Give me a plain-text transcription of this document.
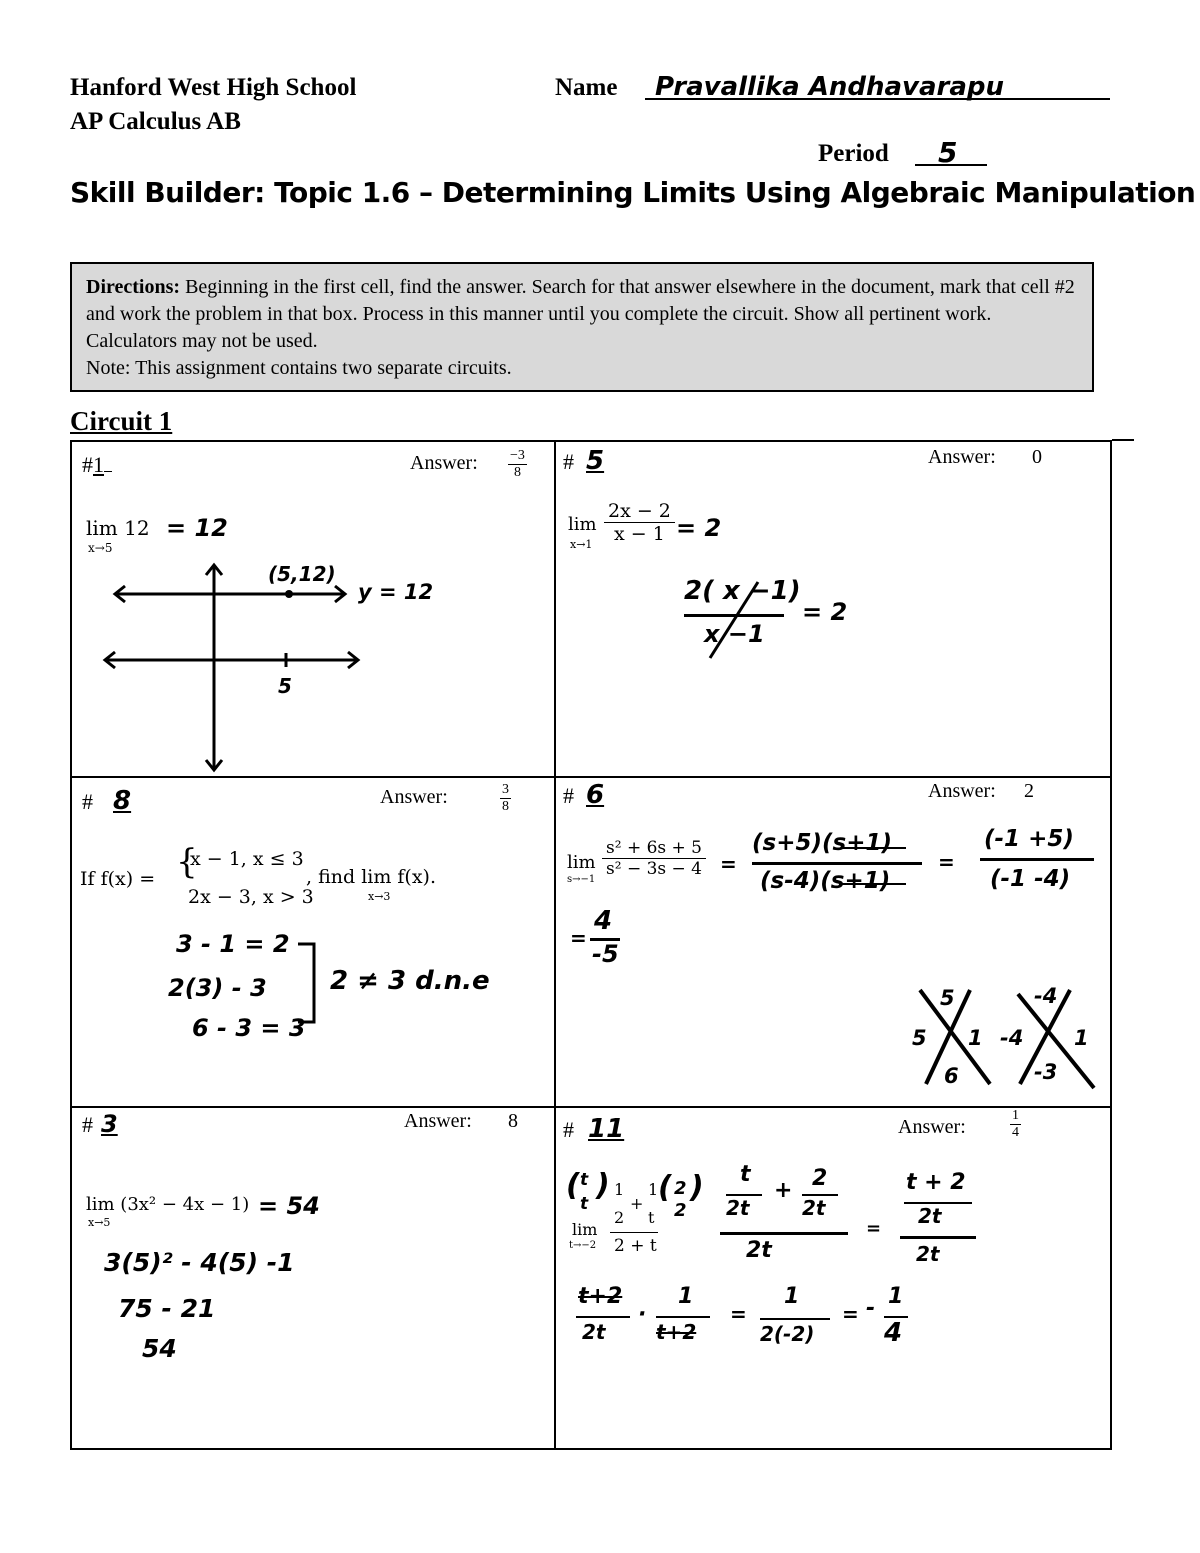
Hanford West High School
AP Calculus AB
Name Pravallika Andhavarapu
Period 5
Skill Builder: Topic 1.6 – Determining Limits Using Algebraic Manipulation
Directions: Beginning in the first cell, find the answer. Search for that answer elsewhere in the document, mark that cell #2 and work the problem in that box. Process in this manner until you complete the circuit. Show all pertinent work. Calculators may not be used.
Note: This assignment contains two separate circuits.
Circuit 1
#1	Answer: $\frac{-3}{8}$
lim 12
x→5
= 12
(5,12)
y = 12
5
# 5	Answer: 0
lim
$x\to 1 \frac{2x - 2}{x - 1} = 2$
2( x −1)
x −1
= 2
# 8	Answer:	$\frac{3}{8}$
If f(x) = {
x − 1, x ≤ 3
2x − 3, x > 3
, find lim f(x).
x→3
3 - 1 = 2
2(3) - 3
6 - 3 = 3
2 ≠ 3 d.n.e
# 6	Answer: 2
lim
s→−1
$\frac{\text{s² + 6s + 5}}{\text{s² − 3s − 4}}$ =
(s+5)(s+1)
(s-4)(s+1)
=
(-1 +5)
(-1 -4)
=
4
-5
5
5 1
6
-4
-4 1
-3
# 3	Answer: 8
lim (3x² − 4x − 1)
x→5
= 54
3(5)² - 4(5) -1
75 - 21
54
# 11	Answer:	$\frac{1}{4}$
lim
t→−2
( t
t
) 1
2
+
1
t
( 2
2
)
2 + t
t
2t
+ 2
2t
2t
=
t + 2
2t
2t
t+2
2t
·
1
t+2
=
1
2(-2)
= - 1
4
